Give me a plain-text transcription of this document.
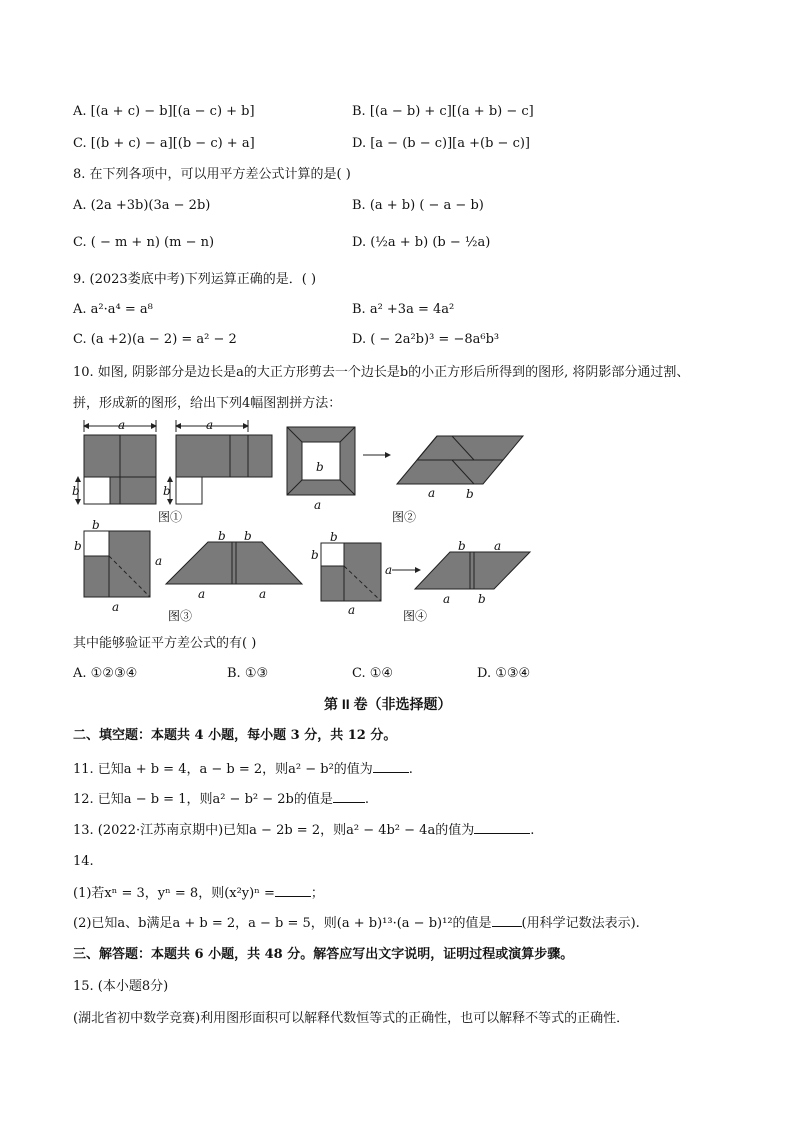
A. [(a + c) − b][(a − c) + b]	B. [(a − b) + c][(a + b) − c]
C. [(b + c) − a][(b − c) + a]	D. [a − (b − c)][a +(b − c)]
8. 在下列各项中，可以用平方差公式计算的是( )
A. (2a +3b)(3a − 2b)	B. (a + b) ( − a − b)
C. ( − m + n) (m − n)	D. (½a + b) (b − ½a)
9. (2023娄底中考)下列运算正确的是．( )
A. a²·a⁴ = a⁸	B. a² +3a = 4a²
C. (a +2)(a − 2) = a² − 2	D. ( − 2a²b)³ = −8a⁶b³
10. 如图, 阴影部分是边长是a的大正方形剪去一个边长是b的小正方形后所得到的图形, 将阴影部分通过割、
拼，形成新的图形，给出下列4幅图割拼方法：
a	a
b	b
图①
b
a
a	b
图②
b
b
a
a
b b
a	a
图③
b
b
a
a
b a
a b
图④
其中能够验证平方差公式的有( )
A. ①②③④	B. ①③	C. ①④	D. ①③④
第 II 卷（非选择题）
二、填空题：本题共 4 小题，每小题 3 分，共 12 分。
11. 已知a + b = 4，a − b = 2，则a² − b²的值为	.
12. 已知a − b = 1，则a² − b² − 2b的值是 .
13. (2022·江苏南京期中)已知a − 2b = 2，则a² − 4b² − 4a的值为	.
14.
(1)若xⁿ = 3，yⁿ = 8，则(x²y)ⁿ =	；
(2)已知a、b满足a + b = 2，a − b = 5，则(a + b)¹³·(a − b)¹²的值是 (用科学记数法表示).
三、解答题：本题共 6 小题，共 48 分。解答应写出文字说明，证明过程或演算步骤。
15. (本小题8分)
(湖北省初中数学竞赛)利用图形面积可以解释代数恒等式的正确性，也可以解释不等式的正确性．
